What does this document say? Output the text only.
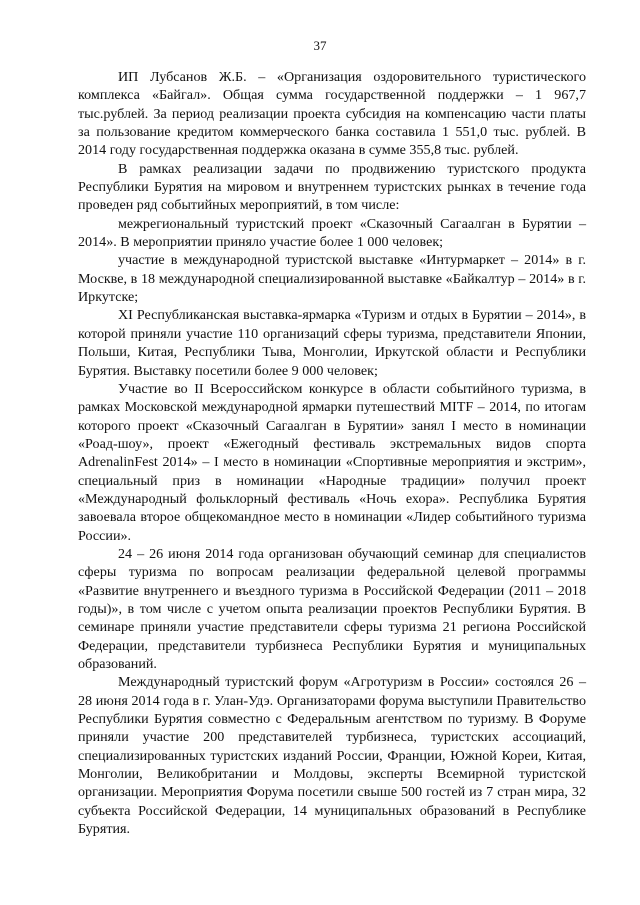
37

ИП Лубсанов Ж.Б. – «Организация оздоровительного туристического комплекса «Байгал». Общая сумма государственной поддержки – 1 967,7 тыс.рублей. За период реализации проекта субсидия на компенсацию части платы за пользование кредитом коммерческого банка составила 1 551,0 тыс. рублей. В 2014 году государственная поддержка оказана в сумме 355,8 тыс. рублей.

В рамках реализации задачи по продвижению туристского продукта Республики Бурятия на мировом и внутреннем туристских рынках в течение года проведен ряд событийных мероприятий, в том числе:

межрегиональный туристский проект «Сказочный Сагаалган в Бурятии – 2014». В мероприятии приняло участие более 1 000 человек;

участие в международной туристской выставке «Интурмаркет – 2014» в г. Москве, в 18 международной специализированной выставке «Байкалтур – 2014» в г. Иркутске;

XI Республиканская выставка-ярмарка «Туризм и отдых в Бурятии – 2014», в которой приняли участие 110 организаций сферы туризма, представители Японии, Польши, Китая, Республики Тыва, Монголии, Иркутской области и Республики Бурятия. Выставку посетили более 9 000 человек;

Участие во II Всероссийском конкурсе в области событийного туризма, в рамках Московской международной ярмарки путешествий MITF – 2014, по итогам которого проект «Сказочный Сагаалган в Бурятии» занял I место в номинации «Роад-шоу», проект «Ежегодный фестиваль экстремальных видов спорта AdrenalinFest 2014» – I место в номинации «Спортивные мероприятия и экстрим», специальный приз в номинации «Народные традиции» получил проект «Международный фольклорный фестиваль «Ночь ехора». Республика Бурятия завоевала второе общекомандное место в номинации «Лидер событийного туризма России».

24 – 26 июня 2014 года организован обучающий семинар для специалистов сферы туризма по вопросам реализации федеральной целевой программы «Развитие внутреннего и въездного туризма в Российской Федерации (2011 – 2018 годы)», в том числе с учетом опыта реализации проектов Республики Бурятия. В семинаре приняли участие представители сферы туризма 21 региона Российской Федерации, представители турбизнеса Республики Бурятия и муниципальных образований.

Международный туристский форум «Агротуризм в России» состоялся 26 – 28 июня 2014 года в г. Улан-Удэ. Организаторами форума выступили Правительство Республики Бурятия совместно с Федеральным агентством по туризму. В Форуме приняли участие 200 представителей турбизнеса, туристских ассоциаций, специализированных туристских изданий России, Франции, Южной Кореи, Китая, Монголии, Великобритании и Молдовы, эксперты Всемирной туристской организации. Мероприятия Форума посетили свыше 500 гостей из 7 стран мира, 32 субъекта Российской Федерации, 14 муниципальных образований в Республике Бурятия.
